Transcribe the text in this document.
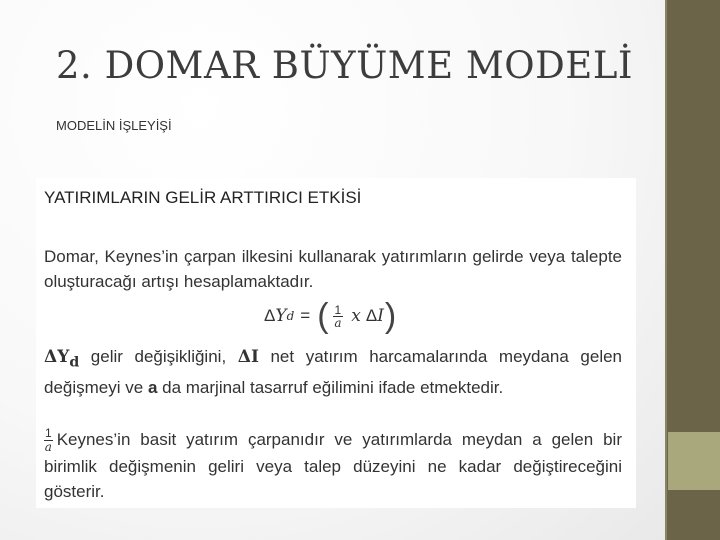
2. DOMAR BÜYÜME MODELİ
MODELİN İŞLEYİŞİ
YATIRIMLARIN GELİR ARTTIRICI ETKİSİ
Domar, Keynes’in çarpan ilkesini kullanarak yatırımların gelirde veya talepte oluşturacağı artışı hesaplamaktadır.
Δ Y d = ( $\frac{1}{a}$ x Δ I )
$\Delta Y_d$ gelir değişikliğini, ΔI net yatırım harcamalarında meydana gelen değişmeyi ve a da marjinal tasarruf eğilimini ifade etmektedir.
$\frac{1}{a}$ Keynes’in basit yatırım çarpanıdır ve yatırımlarda meydan a gelen bir birimlik değişmenin geliri veya talep düzeyini ne kadar değiştireceğini gösterir.
